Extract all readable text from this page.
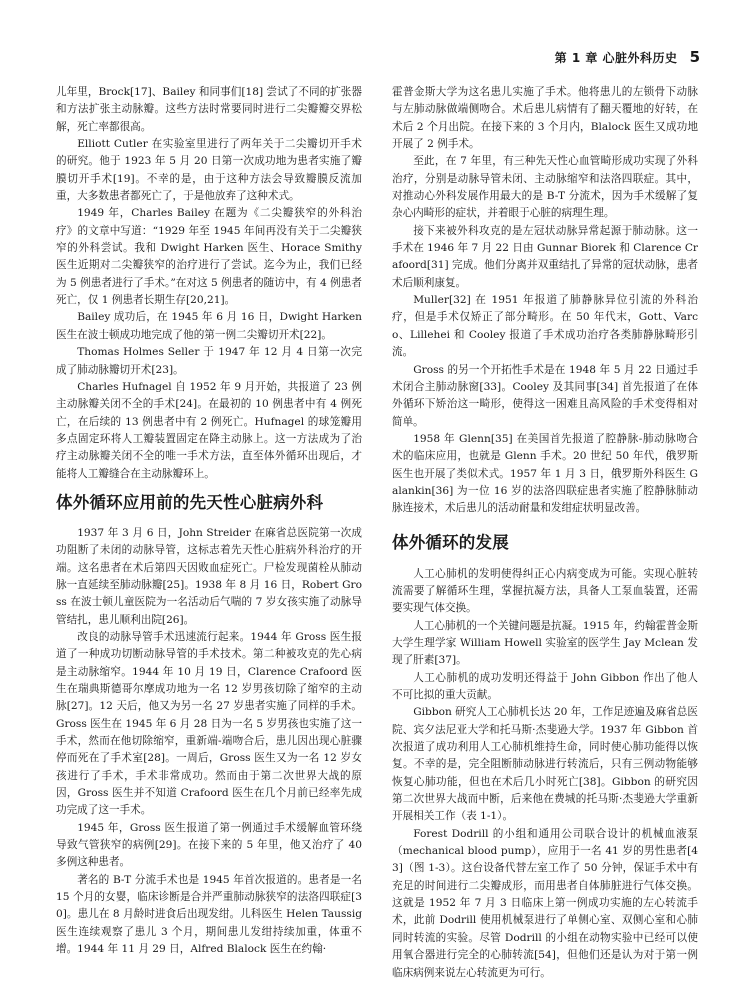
第 1 章 心脏外科历史 5

儿年里，Brock[17]、Bailey 和同事们[18] 尝试了不同的扩张器和方法扩张主动脉瓣。这些方法时常要同时进行二尖瓣瓣交界松解，死亡率都很高。

Elliott Cutler 在实验室里进行了两年关于二尖瓣切开手术的研究。他于 1923 年 5 月 20 日第一次成功地为患者实施了瓣膜切开手术[19]。不幸的是，由于这种方法会导致瓣膜反流加重，大多数患者都死亡了，于是他放弃了这种术式。

1949 年，Charles Bailey 在题为《二尖瓣狭窄的外科治疗》的文章中写道：“1929 年至 1945 年间再没有关于二尖瓣狭窄的外科尝试。我和 Dwight Harken 医生、Horace Smithy 医生近期对二尖瓣狭窄的治疗进行了尝试。迄今为止，我们已经为 5 例患者进行了手术。”在对这 5 例患者的随访中，有 4 例患者死亡，仅 1 例患者长期生存[20,21]。

Bailey 成功后，在 1945 年 6 月 16 日，Dwight Harken 医生在波士顿成功地完成了他的第一例二尖瓣切开术[22]。

Thomas Holmes Seller 于 1947 年 12 月 4 日第一次完成了肺动脉瓣切开术[23]。

Charles Hufnagel 自 1952 年 9 月开始，共报道了 23 例主动脉瓣关闭不全的手术[24]。在最初的 10 例患者中有 4 例死亡，在后续的 13 例患者中有 2 例死亡。Hufnagel 的球笼瓣用多点固定环将人工瓣装置固定在降主动脉上。这一方法成为了治疗主动脉瓣关闭不全的唯一手术方法，直至体外循环出现后，才能将人工瓣缝合在主动脉瓣环上。

体外循环应用前的先天性心脏病外科

1937 年 3 月 6 日，John Streider 在麻省总医院第一次成功阻断了未闭的动脉导管，这标志着先天性心脏病外科治疗的开端。这名患者在术后第四天因败血症死亡。尸检发现菌栓从肺动脉一直延续至肺动脉瓣[25]。1938 年 8 月 16 日，Robert Gross 在波士顿儿童医院为一名活动后气喘的 7 岁女孩实施了动脉导管结扎，患儿顺利出院[26]。

改良的动脉导管手术迅速流行起来。1944 年 Gross 医生报道了一种成功切断动脉导管的手术技术。第二种被攻克的先心病是主动脉缩窄。1944 年 10 月 19 日，Clarence Crafoord 医生在瑞典斯德哥尔摩成功地为一名 12 岁男孩切除了缩窄的主动脉[27]。12 天后，他又为另一名 27 岁患者实施了同样的手术。Gross 医生在 1945 年 6 月 28 日为一名 5 岁男孩也实施了这一手术，然而在他切除缩窄，重新端-端吻合后，患儿因出现心脏骤停而死在了手术室[28]。一周后，Gross 医生又为一名 12 岁女孩进行了手术，手术非常成功。然而由于第二次世界大战的原因，Gross 医生并不知道 Crafoord 医生在几个月前已经率先成功完成了这一手术。

1945 年，Gross 医生报道了第一例通过手术缓解血管环绕导致气管狭窄的病例[29]。在接下来的 5 年里，他又治疗了 40 多例这种患者。

著名的 B-T 分流手术也是 1945 年首次报道的。患者是一名 15 个月的女婴，临床诊断是合并严重肺动脉狭窄的法洛四联症[30]。患儿在 8 月龄时进食后出现发绀。儿科医生 Helen Taussig 医生连续观察了患儿 3 个月，期间患儿发绀持续加重，体重不增。1944 年 11 月 29 日，Alfred Blalock 医生在约翰·

霍普金斯大学为这名患儿实施了手术。他将患儿的左锁骨下动脉与左肺动脉做端侧吻合。术后患儿病情有了翻天覆地的好转，在术后 2 个月出院。在接下来的 3 个月内，Blalock 医生又成功地开展了 2 例手术。

至此，在 7 年里，有三种先天性心血管畸形成功实现了外科治疗，分别是动脉导管未闭、主动脉缩窄和法洛四联症。其中，对推动心外科发展作用最大的是 B-T 分流术，因为手术缓解了复杂心内畸形的症状，并着眼于心脏的病理生理。

接下来被外科攻克的是左冠状动脉异常起源于肺动脉。这一手术在 1946 年 7 月 22 日由 Gunnar Biorek 和 Clarence Crafoord[31] 完成。他们分离并双重结扎了异常的冠状动脉，患者术后顺利康复。

Muller[32] 在 1951 年报道了肺静脉异位引流的外科治疗，但是手术仅矫正了部分畸形。在 50 年代末，Gott、Varco、Lillehei 和 Cooley 报道了手术成功治疗各类肺静脉畸形引流。

Gross 的另一个开拓性手术是在 1948 年 5 月 22 日通过手术闭合主肺动脉窗[33]。Cooley 及其同事[34] 首先报道了在体外循环下矫治这一畸形，使得这一困难且高风险的手术变得相对简单。

1958 年 Glenn[35] 在美国首先报道了腔静脉-肺动脉吻合术的临床应用，也就是 Glenn 手术。20 世纪 50 年代，俄罗斯医生也开展了类似术式。1957 年 1 月 3 日，俄罗斯外科医生 Galankin[36] 为一位 16 岁的法洛四联症患者实施了腔静脉肺动脉连接术，术后患儿的活动耐量和发绀症状明显改善。

体外循环的发展

人工心肺机的发明使得纠正心内病变成为可能。实现心脏转流需要了解循环生理，掌握抗凝方法，具备人工泵血装置，还需要实现气体交换。

人工心肺机的一个关键问题是抗凝。1915 年，约翰霍普金斯大学生理学家 William Howell 实验室的医学生 Jay Mclean 发现了肝素[37]。

人工心肺机的成功发明还得益于 John Gibbon 作出了他人不可比拟的重大贡献。

Gibbon 研究人工心肺机长达 20 年，工作足迹遍及麻省总医院、宾夕法尼亚大学和托马斯·杰斐逊大学。1937 年 Gibbon 首次报道了成功利用人工心肺机维持生命，同时使心肺功能得以恢复。不幸的是，完全阻断肺动脉进行转流后，只有三例动物能够恢复心肺功能，但也在术后几小时死亡[38]。Gibbon 的研究因第二次世界大战而中断，后来他在费城的托马斯·杰斐逊大学重新开展相关工作（表 1-1）。

Forest Dodrill 的小组和通用公司联合设计的机械血液泵（mechanical blood pump），应用于一名 41 岁的男性患者[43]（图 1-3）。这台设备代替左室工作了 50 分钟，保证手术中有充足的时间进行二尖瓣成形，而用患者自体肺脏进行气体交换。这就是 1952 年 7 月 3 日临床上第一例成功实施的左心转流手术，此前 Dodrill 使用机械泵进行了单侧心室、双侧心室和心肺同时转流的实验。尽管 Dodrill 的小组在动物实验中已经可以使用氧合器进行完全的心肺转流[54]，但他们还是认为对于第一例临床病例来说左心转流更为可行。
